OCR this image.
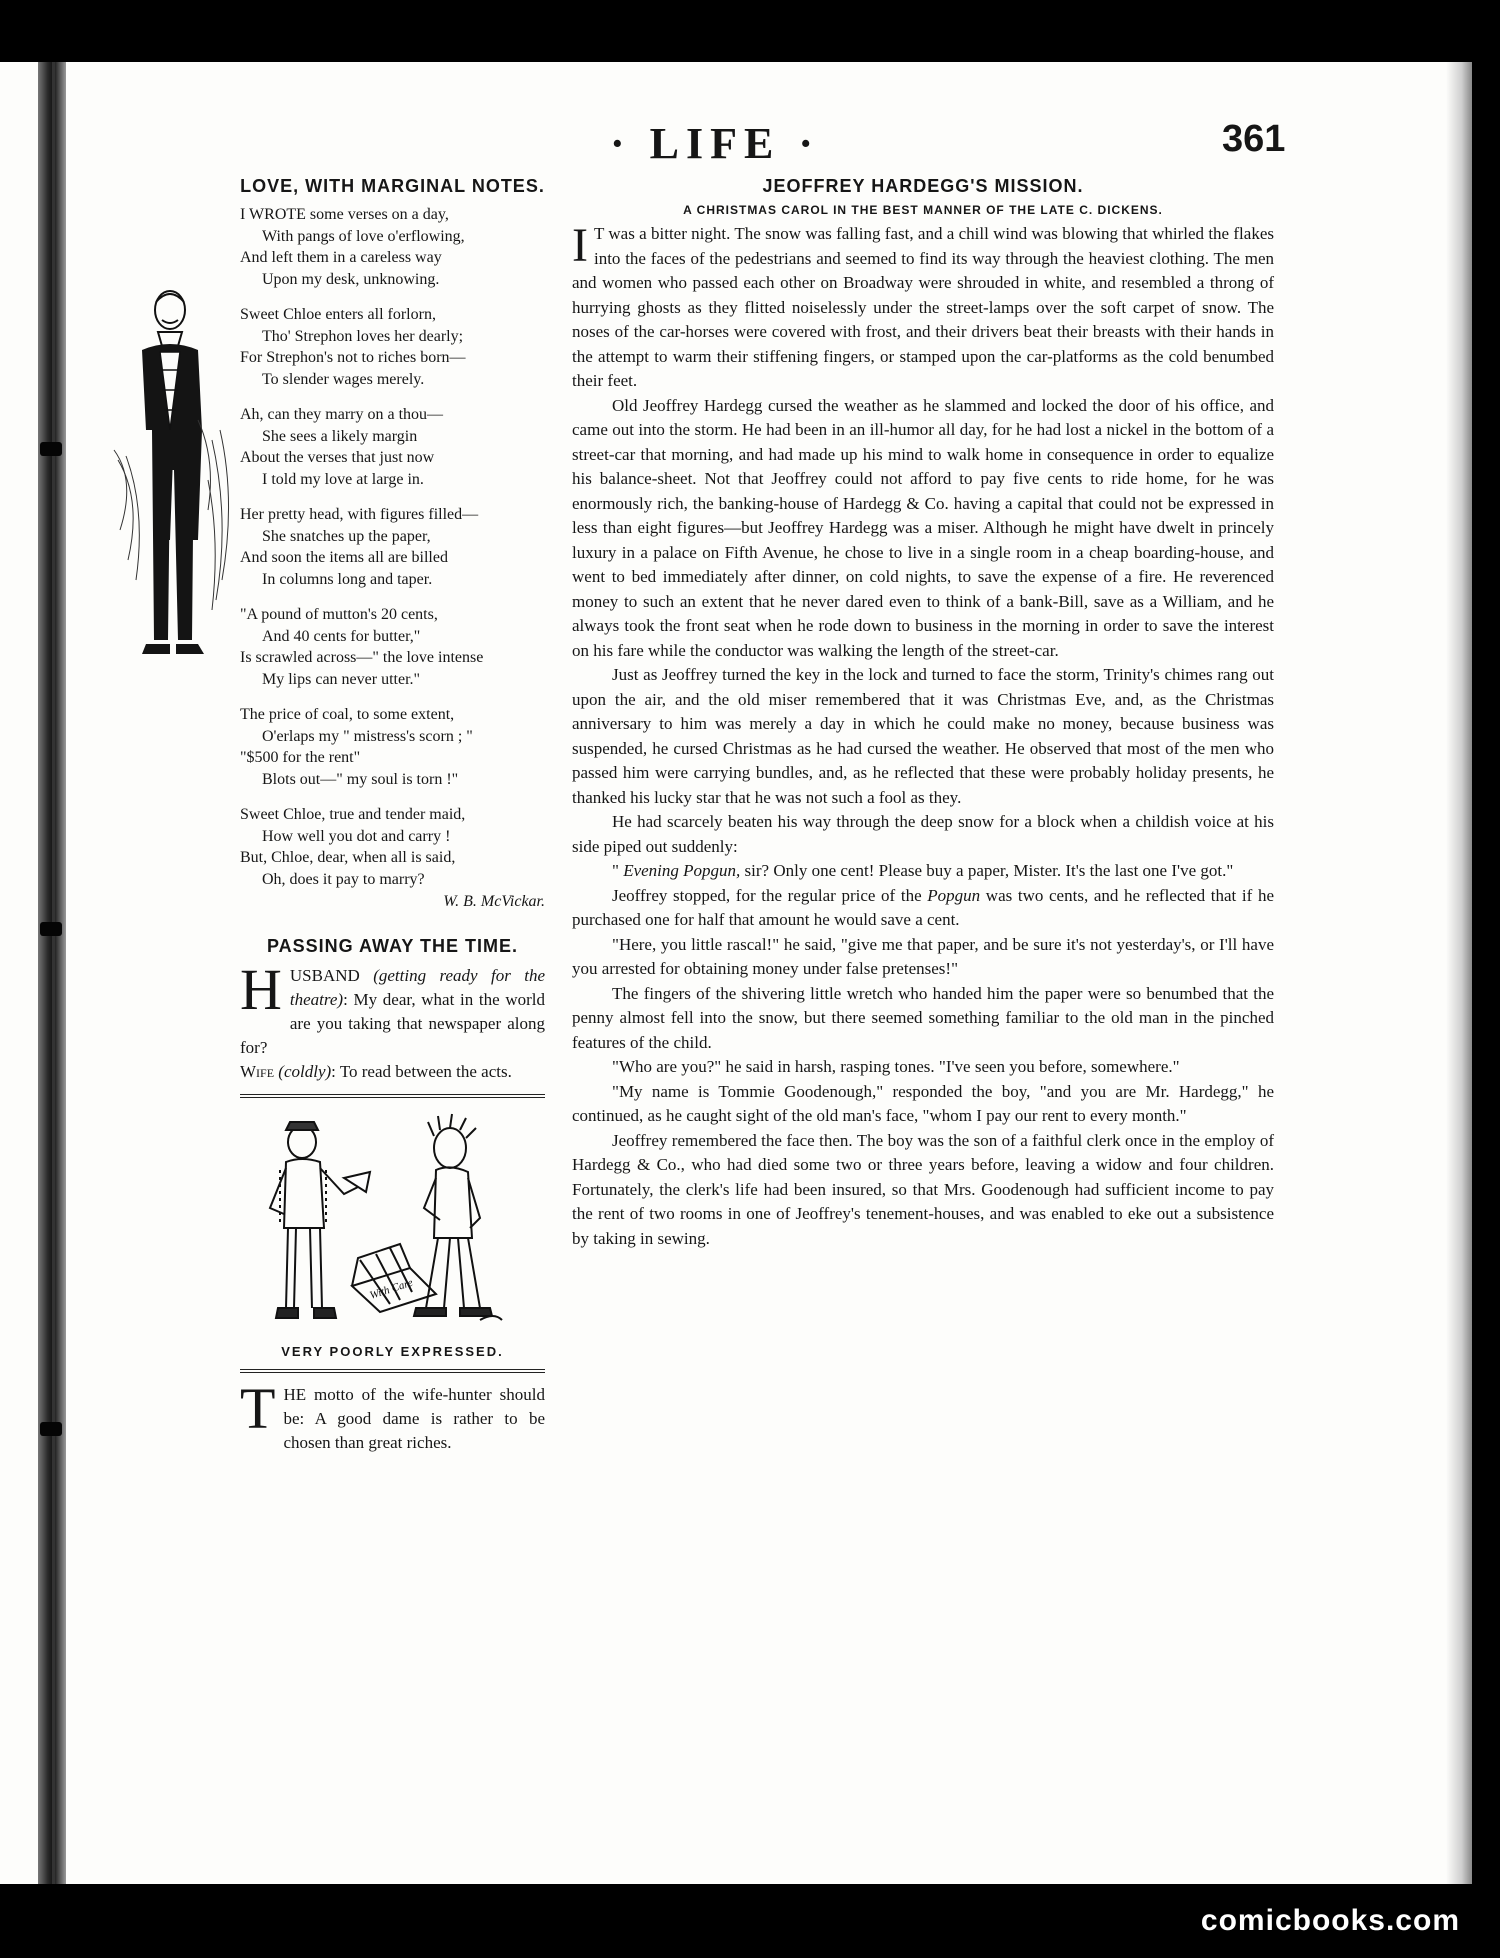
· LIFE ·	361

LOVE, WITH MARGINAL NOTES.
I WROTE some verses on a day,
With pangs of love o'erflowing,
And left them in a careless way
Upon my desk, unknowing.
Sweet Chloe enters all forlorn,
Tho' Strephon loves her dearly;
For Strephon's not to riches born—
To slender wages merely.
Ah, can they marry on a thou—
She sees a likely margin
About the verses that just now
I told my love at large in.
Her pretty head, with figures filled—
She snatches up the paper,
And soon the items all are billed
In columns long and taper.
"A pound of mutton's 20 cents,
And 40 cents for butter,"
Is scrawled across—" the love intense
My lips can never utter."
The price of coal, to some extent,
O'erlaps my " mistress's scorn ; "
"$500 for the rent"
Blots out—" my soul is torn !"
Sweet Chloe, true and tender maid,
How well you dot and carry !
But, Chloe, dear, when all is said,
Oh, does it pay to marry?
W. B. McVickar.
PASSING AWAY THE TIME.

HUSBAND (getting ready for the theatre): My dear, what in the world are you taking that newspaper along for?

Wife (coldly): To read between the acts.

With Care

VERY POORLY EXPRESSED.

THE motto of the wife-hunter should be: A good dame is rather to be chosen than great riches.

JEOFFREY HARDEGG'S MISSION.

A CHRISTMAS CAROL IN THE BEST MANNER OF THE LATE C. DICKENS.

I T was a bitter night. The snow was falling fast, and a chill wind was blowing that whirled the flakes into the faces of the pedestrians and seemed to find its way through the heaviest clothing. The men and women who passed each other on Broadway were shrouded in white, and resembled a throng of hurrying ghosts as they flitted noiselessly under the street-lamps over the soft carpet of snow. The noses of the car-horses were covered with frost, and their drivers beat their breasts with their hands in the attempt to warm their stiffening fingers, or stamped upon the car-platforms as the cold benumbed their feet.

Old Jeoffrey Hardegg cursed the weather as he slammed and locked the door of his office, and came out into the storm. He had been in an ill-humor all day, for he had lost a nickel in the bottom of a street-car that morning, and had made up his mind to walk home in consequence in order to equalize his balance-sheet. Not that Jeoffrey could not afford to pay five cents to ride home, for he was enormously rich, the banking-house of Hardegg & Co. having a capital that could not be expressed in less than eight figures—but Jeoffrey Hardegg was a miser. Although he might have dwelt in princely luxury in a palace on Fifth Avenue, he chose to live in a single room in a cheap boarding-house, and went to bed immediately after dinner, on cold nights, to save the expense of a fire. He reverenced money to such an extent that he never dared even to think of a bank-Bill, save as a William, and he always took the front seat when he rode down to business in the morning in order to save the interest on his fare while the conductor was walking the length of the street-car.

Just as Jeoffrey turned the key in the lock and turned to face the storm, Trinity's chimes rang out upon the air, and the old miser remembered that it was Christmas Eve, and, as the Christmas anniversary to him was merely a day in which he could make no money, because business was suspended, he cursed Christmas as he had cursed the weather. He observed that most of the men who passed him were carrying bundles, and, as he reflected that these were probably holiday presents, he thanked his lucky star that he was not such a fool as they.

He had scarcely beaten his way through the deep snow for a block when a childish voice at his side piped out suddenly:

" Evening Popgun, sir? Only one cent! Please buy a paper, Mister. It's the last one I've got."

Jeoffrey stopped, for the regular price of the Popgun was two cents, and he reflected that if he purchased one for half that amount he would save a cent.

"Here, you little rascal!" he said, "give me that paper, and be sure it's not yesterday's, or I'll have you arrested for obtaining money under false pretenses!"

The fingers of the shivering little wretch who handed him the paper were so benumbed that the penny almost fell into the snow, but there seemed something familiar to the old man in the pinched features of the child.

"Who are you?" he said in harsh, rasping tones. "I've seen you before, somewhere."

"My name is Tommie Goodenough," responded the boy, "and you are Mr. Hardegg," he continued, as he caught sight of the old man's face, "whom I pay our rent to every month."

Jeoffrey remembered the face then. The boy was the son of a faithful clerk once in the employ of Hardegg & Co., who had died some two or three years before, leaving a widow and four children. Fortunately, the clerk's life had been insured, so that Mrs. Goodenough had sufficient income to pay the rent of two rooms in one of Jeoffrey's tenement-houses, and was enabled to eke out a subsistence by taking in sewing.

comicbooks.com
